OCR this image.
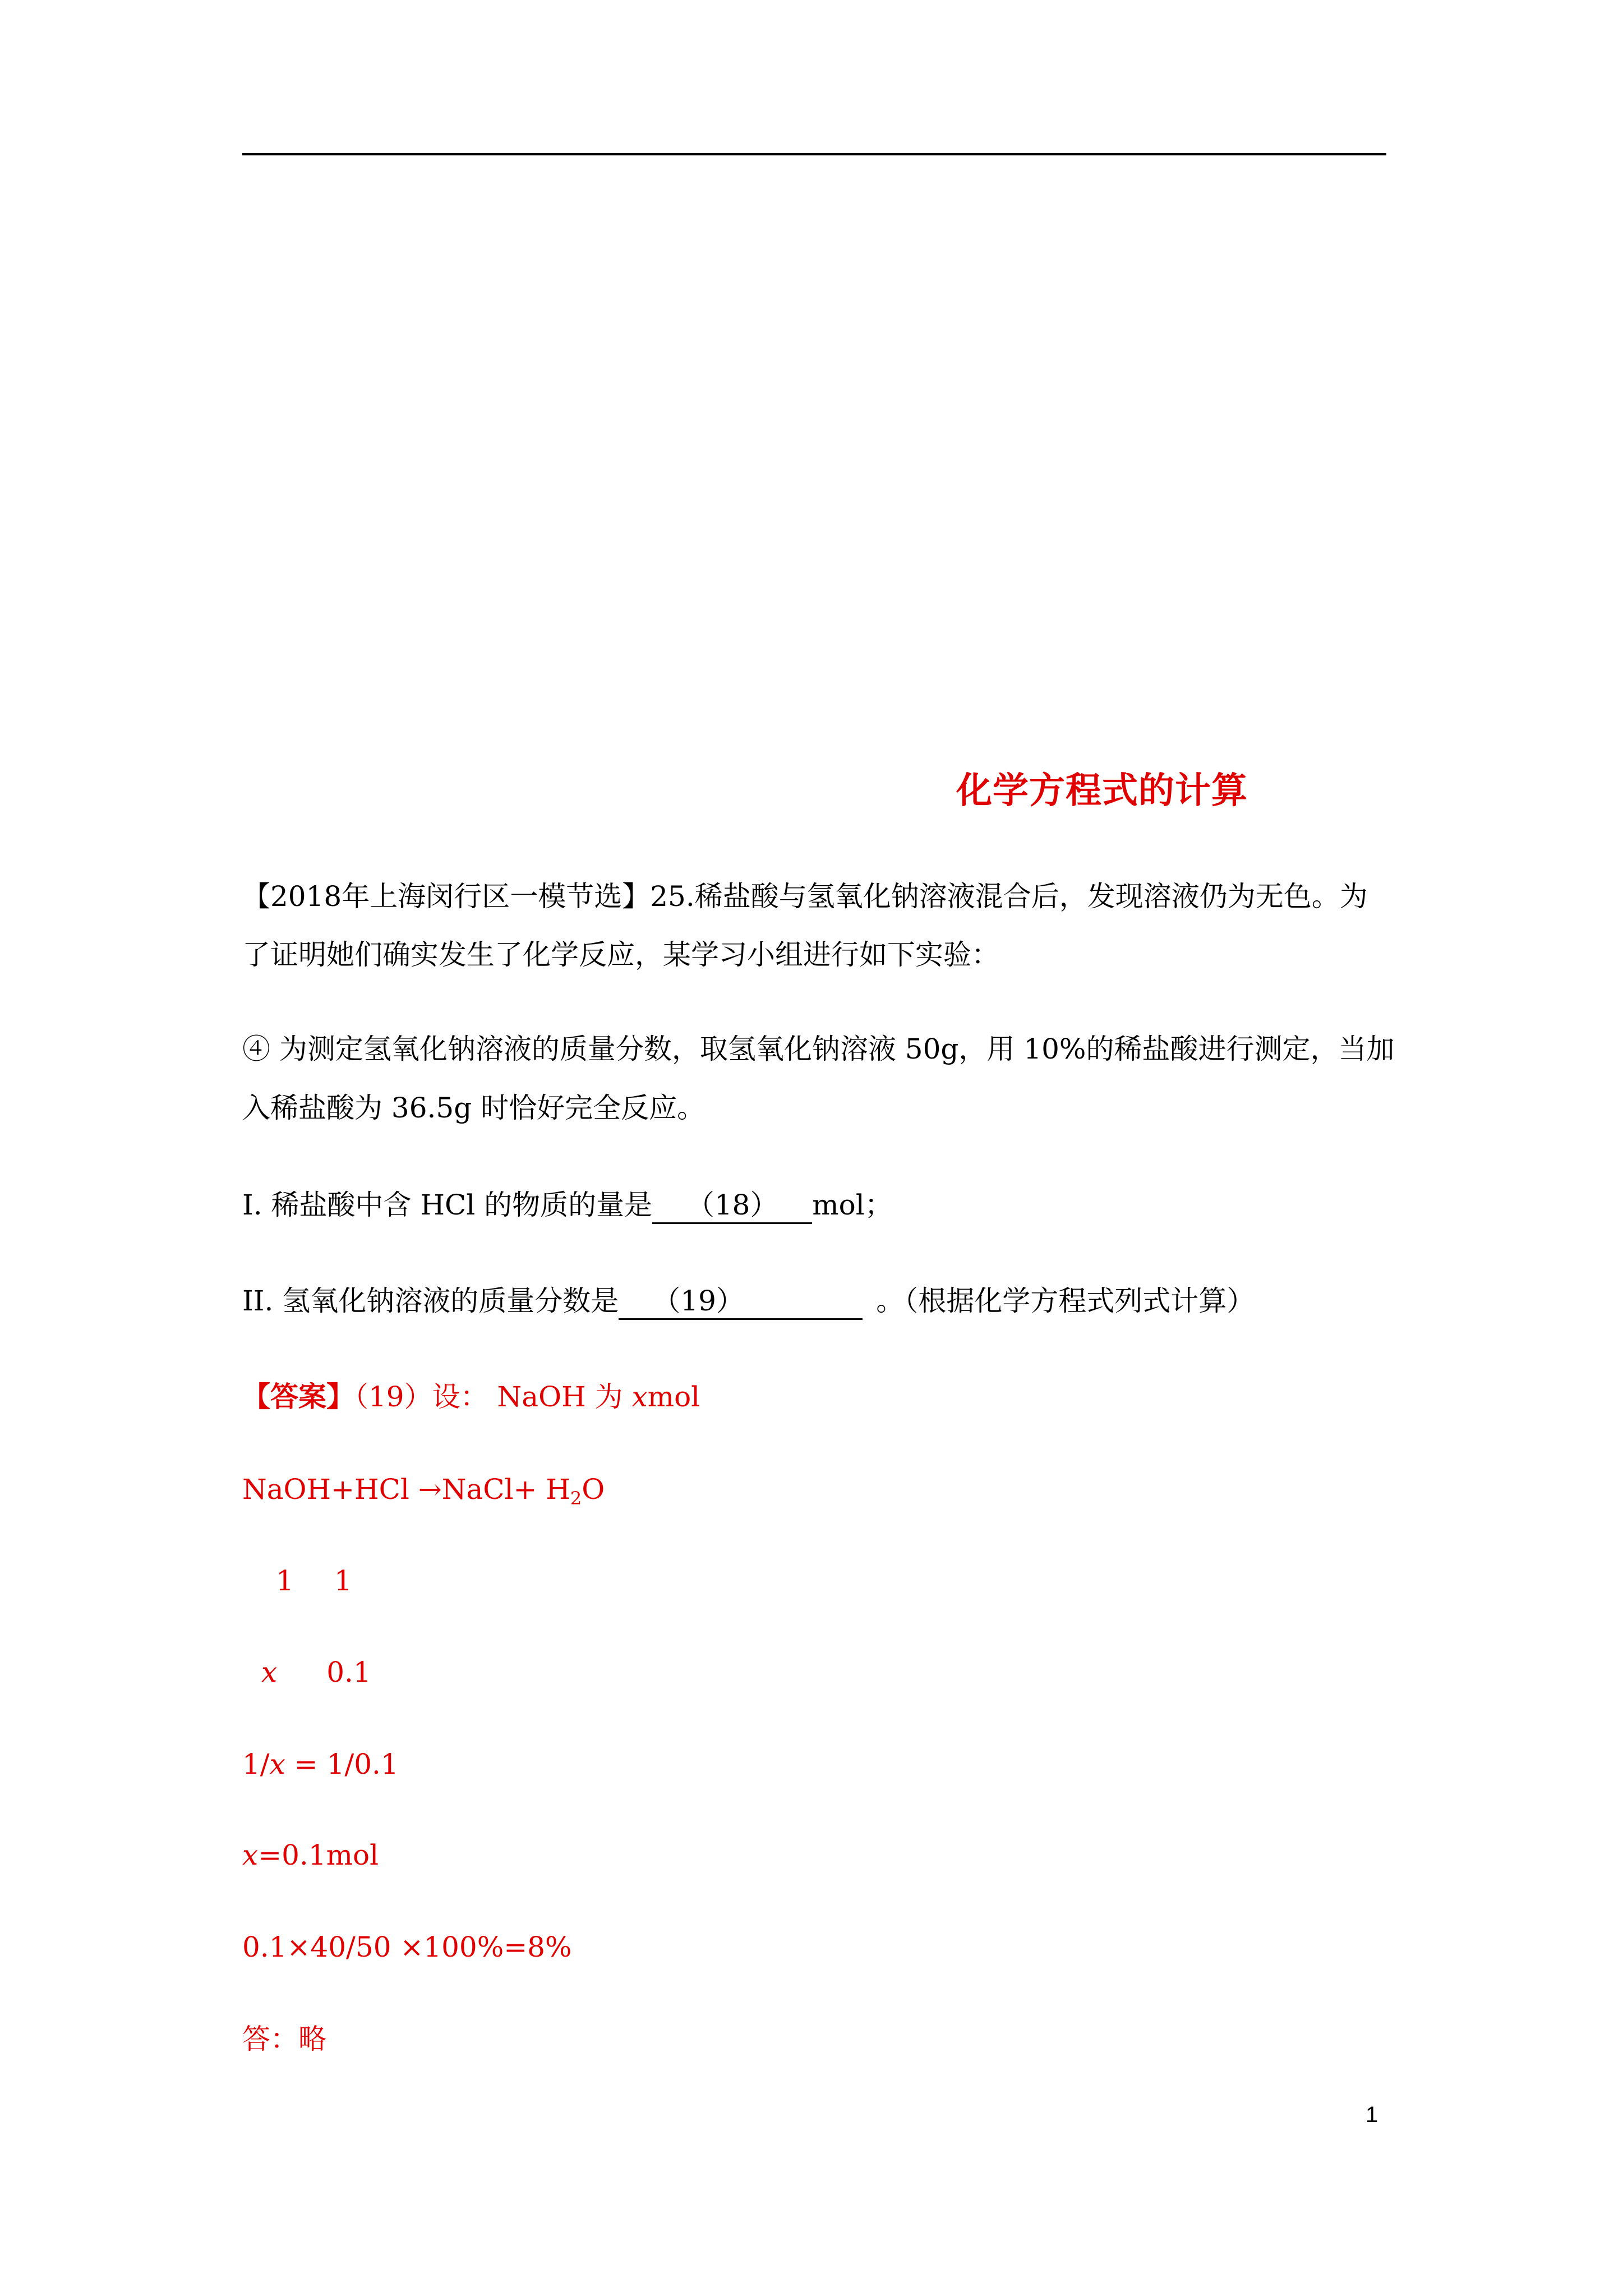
化学方程式的计算
【2018年上海闵行区一模节选】25.稀盐酸与氢氧化钠溶液混合后，发现溶液仍为无色。为
了证明她们确实发生了化学反应，某学习小组进行如下实验：
④ 为测定氢氧化钠溶液的质量分数，取氢氧化钠溶液 50g，用 10%的稀盐酸进行测定，当加
入稀盐酸为 36.5g 时恰好完全反应。
I. 稀盐酸中含 HCl 的物质的量是 （18） mol；
II. 氢氧化钠溶液的质量分数是 （19）	。（根据化学方程式列式计算）
【答案】（19）设： NaOH 为 xmol
NaOH+HCl →NaCl+ $H_2O$
1 1
x 0.1
1/x = 1/0.1
x=0.1mol
0.1×40/50 ×100%=8%
答：略
1
